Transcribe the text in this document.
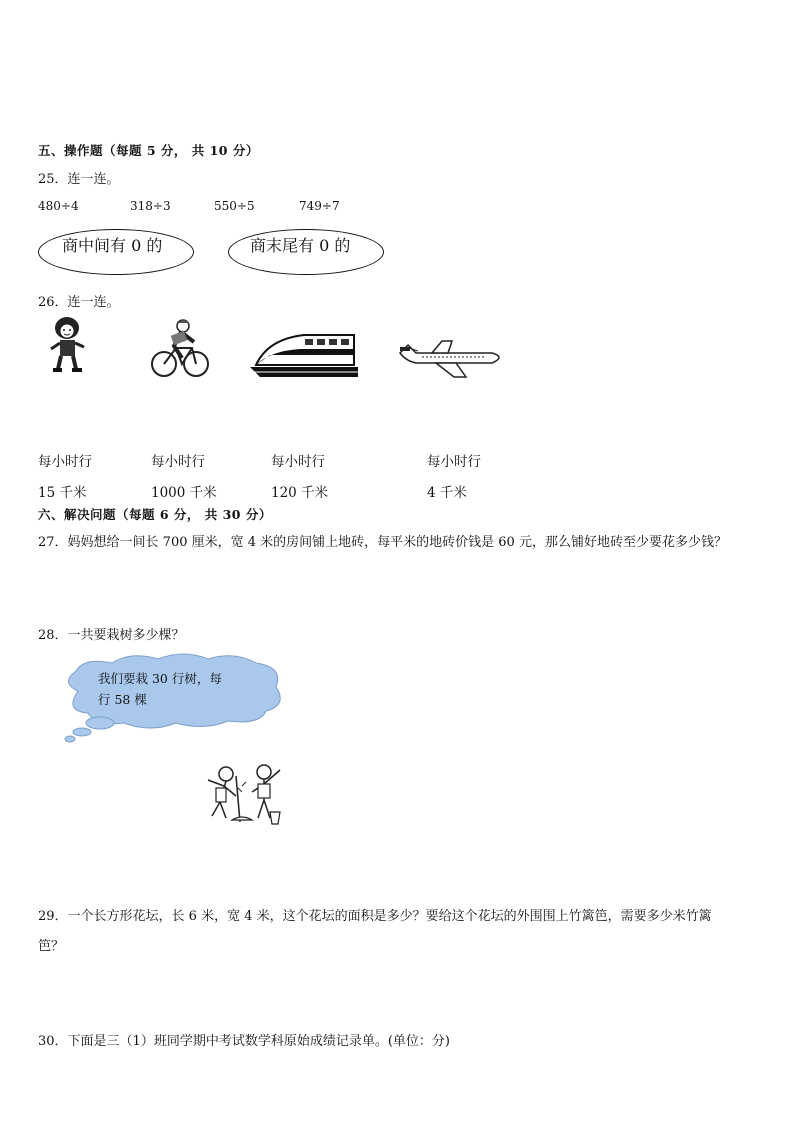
五、操作题（每题 5 分， 共 10 分）
25．连一连。
480÷4	318÷3	550÷5	749÷7
商中间有 0 的	商末尾有 0 的
26．连一连。
每小时行
15 千米
每小时行
1000 千米
每小时行
120 千米
每小时行
4 千米
六、解决问题（每题 6 分， 共 30 分）
27．妈妈想给一间长 700 厘米，宽 4 米的房间铺上地砖，每平米的地砖价钱是 60 元，那么铺好地砖至少要花多少钱？
28．一共要栽树多少棵？
我们要栽 30 行树，每
行 58 棵
29．一个长方形花坛，长 6 米，宽 4 米，这个花坛的面积是多少？要给这个花坛的外围围上竹篱笆，需要多少米竹篱
笆？
30．下面是三（1）班同学期中考试数学科原始成绩记录单。(单位：分)
